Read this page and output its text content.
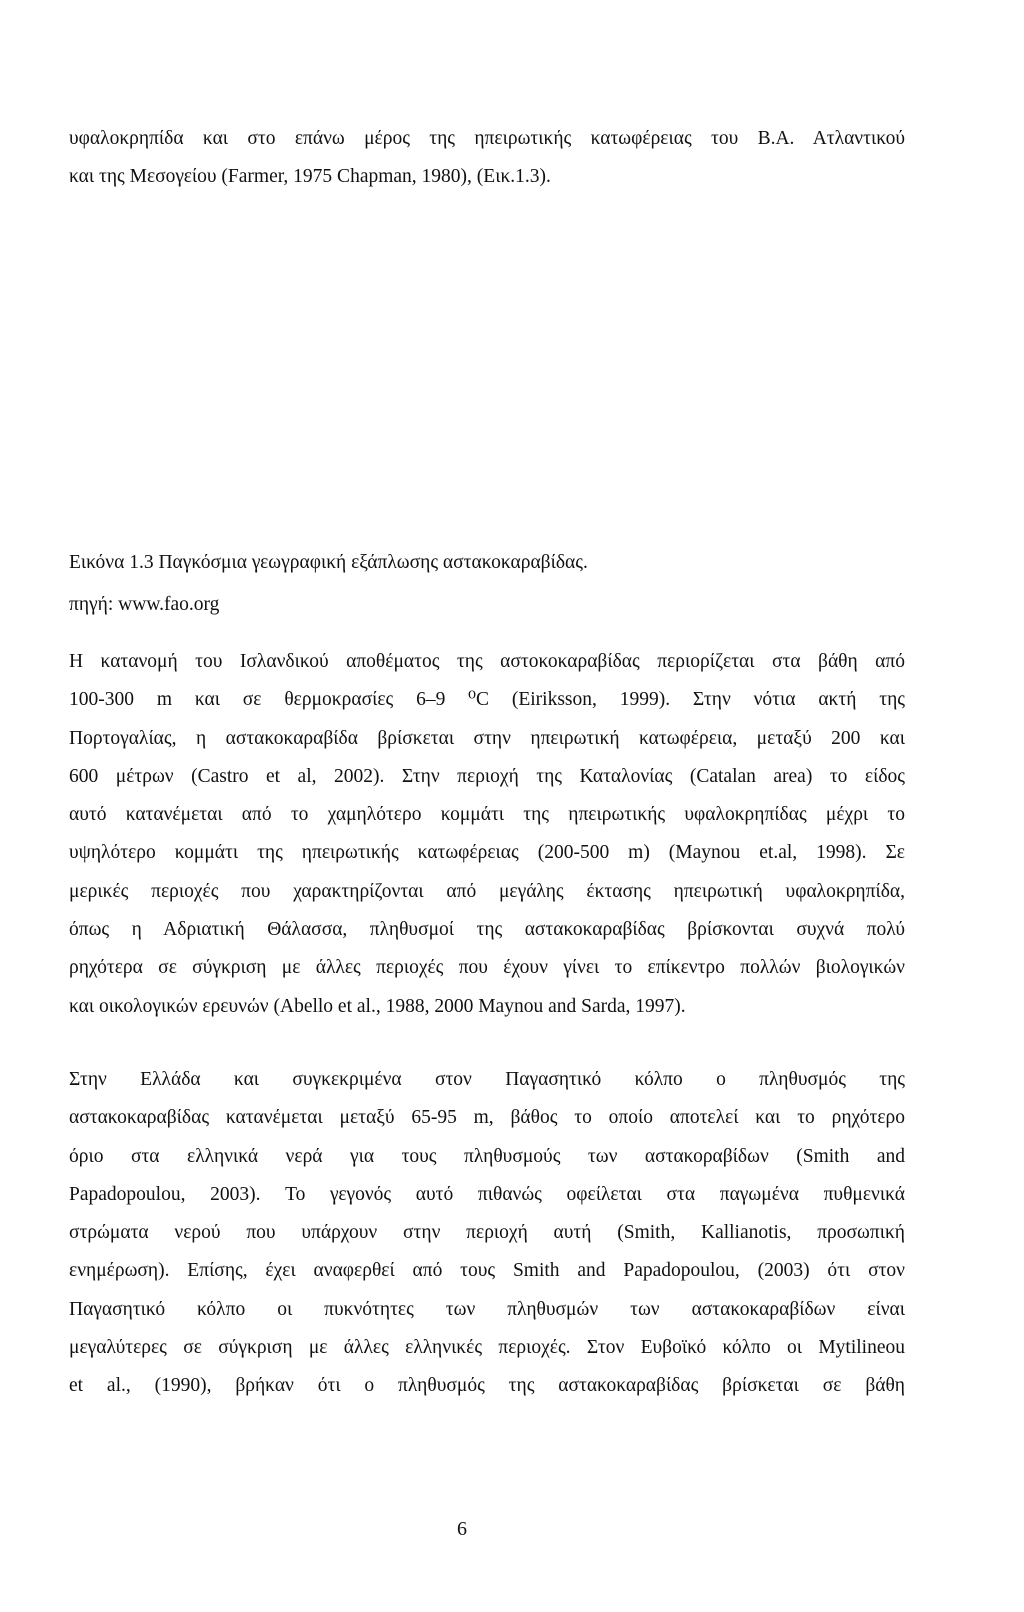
υφαλοκρηπίδα και στο επάνω μέρος της ηπειρωτικής κατωφέρειας του Β.Α. Ατλαντικού
και της Μεσογείου (Farmer, 1975 Chapman, 1980), (Εικ.1.3).
Εικόνα 1.3 Παγκόσμια γεωγραφική εξάπλωσης αστακοκαραβίδας.
πηγή: www.fao.org
Η κατανομή του Ισλανδικού αποθέματος της αστοκοκαραβίδας περιορίζεται στα βάθη από
100-300 m και σε θερμοκρασίες 6–9 ⁰C (Eiriksson, 1999). Στην νότια ακτή της
Πορτογαλίας, η αστακοκαραβίδα βρίσκεται στην ηπειρωτική κατωφέρεια, μεταξύ 200 και
600 μέτρων (Castro et al, 2002). Στην περιοχή της Καταλονίας (Catalan area) το είδος
αυτό κατανέμεται από το χαμηλότερο κομμάτι της ηπειρωτικής υφαλοκρηπίδας μέχρι το
υψηλότερο κομμάτι της ηπειρωτικής κατωφέρειας (200-500 m) (Maynou et.al, 1998). Σε
μερικές περιοχές που χαρακτηρίζονται από μεγάλης έκτασης ηπειρωτική υφαλοκρηπίδα,
όπως η Αδριατική Θάλασσα, πληθυσμοί της αστακοκαραβίδας βρίσκονται συχνά πολύ
ρηχότερα σε σύγκριση με άλλες περιοχές που έχουν γίνει το επίκεντρο πολλών βιολογικών
και οικολογικών ερευνών (Abello et al., 1988, 2000 Maynou and Sarda, 1997).
Στην Ελλάδα και συγκεκριμένα στον Παγασητικό κόλπο ο πληθυσμός της
αστακοκαραβίδας κατανέμεται μεταξύ 65-95 m, βάθος το οποίο αποτελεί και το ρηχότερο
όριο στα ελληνικά νερά για τους πληθυσμούς των αστακοραβίδων (Smith and
Papadopoulou, 2003). Το γεγονός αυτό πιθανώς οφείλεται στα παγωμένα πυθμενικά
στρώματα νερού που υπάρχουν στην περιοχή αυτή (Smith, Kallianotis, προσωπική
ενημέρωση). Επίσης, έχει αναφερθεί από τους Smith and Papadopoulou, (2003) ότι στον
Παγασητικό κόλπο οι πυκνότητες των πληθυσμών των αστακοκαραβίδων είναι
μεγαλύτερες σε σύγκριση με άλλες ελληνικές περιοχές. Στον Ευβοϊκό κόλπο οι Mytilineou
et al., (1990), βρήκαν ότι ο πληθυσμός της αστακοκαραβίδας βρίσκεται σε βάθη
6
